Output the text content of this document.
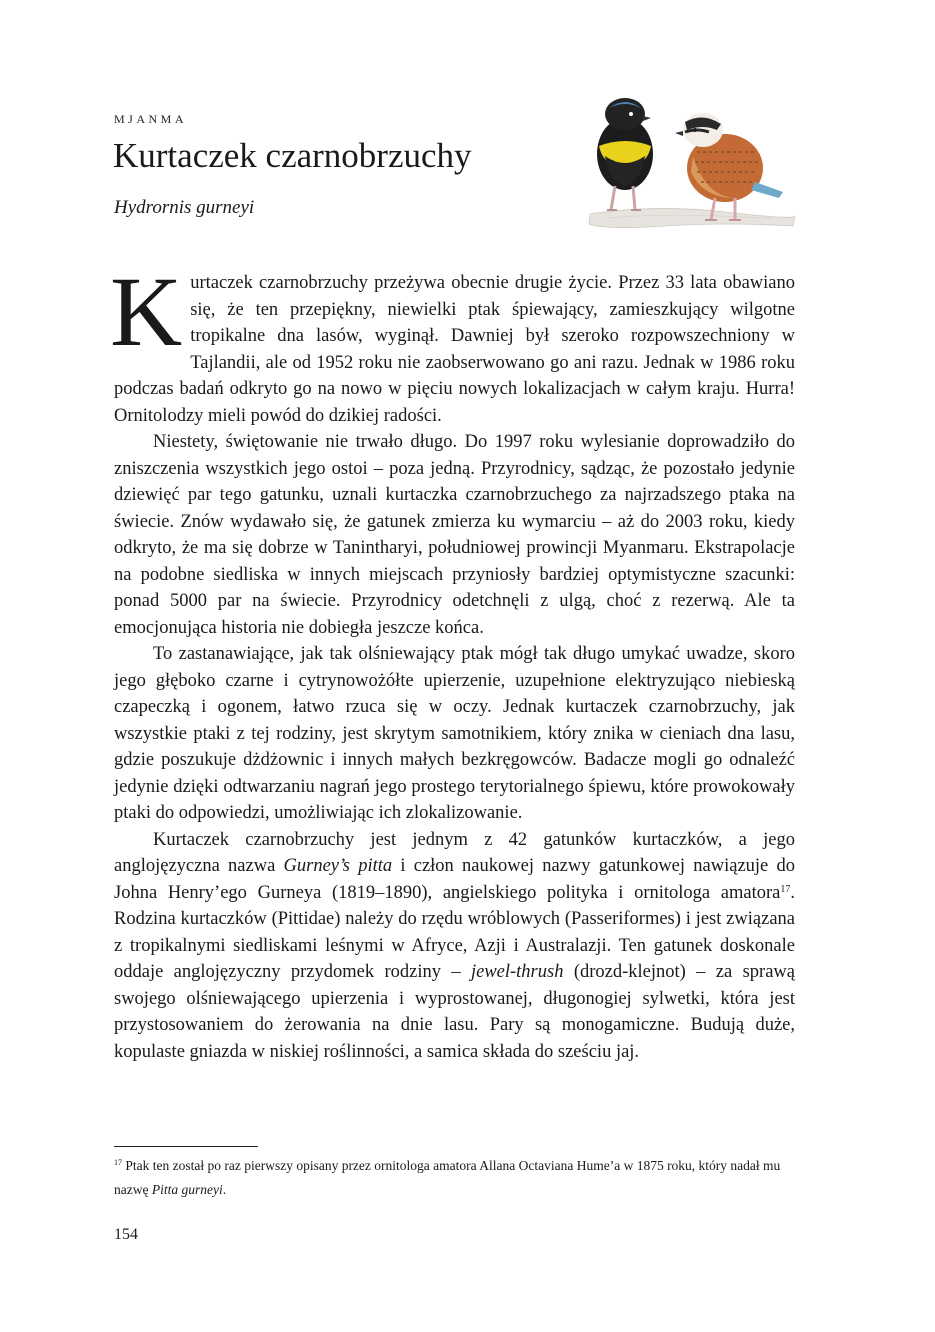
MJANMA
Kurtaczek czarnobrzuchy
Hydrornis gurneyi

Kurtaczek czarnobrzuchy przeżywa obecnie drugie życie. Przez 33 lata obawiano się, że ten przepiękny, niewielki ptak śpiewający, zamieszkujący wilgotne tropikalne dna lasów, wyginął. Dawniej był szeroko rozpowszechniony w Tajlandii, ale od 1952 roku nie zaobserwowano go ani razu. Jednak w 1986 roku podczas badań odkryto go na nowo w pięciu nowych lokalizacjach w całym kraju. Hurra! Ornitolodzy mieli powód do dzikiej radości.

Niestety, świętowanie nie trwało długo. Do 1997 roku wylesianie doprowadziło do zniszczenia wszystkich jego ostoi – poza jedną. Przyrodnicy, sądząc, że pozostało jedynie dziewięć par tego gatunku, uznali kurtaczka czarnobrzuchego za najrzadszego ptaka na świecie. Znów wydawało się, że gatunek zmierza ku wymarciu – aż do 2003 roku, kiedy odkryto, że ma się dobrze w Tanintharyi, południowej prowincji Myanmaru. Ekstrapolacje na podobne siedliska w innych miejscach przyniosły bardziej optymistyczne szacunki: ponad 5000 par na świecie. Przyrodnicy odetchnęli z ulgą, choć z rezerwą. Ale ta emocjonująca historia nie dobiegła jeszcze końca.

To zastanawiające, jak tak olśniewający ptak mógł tak długo umykać uwadze, skoro jego głęboko czarne i cytrynowożółte upierzenie, uzupełnione elektryzująco niebieską czapeczką i ogonem, łatwo rzuca się w oczy. Jednak kurtaczek czarnobrzuchy, jak wszystkie ptaki z tej rodziny, jest skrytym samotnikiem, który znika w cieniach dna lasu, gdzie poszukuje dżdżownic i innych małych bezkręgowców. Badacze mogli go odnaleźć jedynie dzięki odtwarzaniu nagrań jego prostego terytorialnego śpiewu, które prowokowały ptaki do odpowiedzi, umożliwiając ich zlokalizowanie.

Kurtaczek czarnobrzuchy jest jednym z 42 gatunków kurtaczków, a jego anglojęzyczna nazwa Gurney’s pitta i człon naukowej nazwy gatunkowej nawiązuje do Johna Henry’ego Gurneya (1819–1890), angielskiego polityka i ornitologa amatora$^{17}$. Rodzina kurtaczków (Pittidae) należy do rzędu wróblowych (Passeriformes) i jest związana z tropikalnymi siedliskami leśnymi w Afryce, Azji i Australazji. Ten gatunek doskonale oddaje anglojęzyczny przydomek rodziny – jewel-thrush (drozd-klejnot) – za sprawą swojego olśniewającego upierzenia i wyprostowanej, długonogiej sylwetki, która jest przystosowaniem do żerowania na dnie lasu. Pary są monogamiczne. Budują duże, kopulaste gniazda w niskiej roślinności, a samica składa do sześciu jaj.

$^{17}$ Ptak ten został po raz pierwszy opisany przez ornitologa amatora Allana Octaviana Hume’a w 1875 roku, który nadał mu nazwę Pitta gurneyi.
154
